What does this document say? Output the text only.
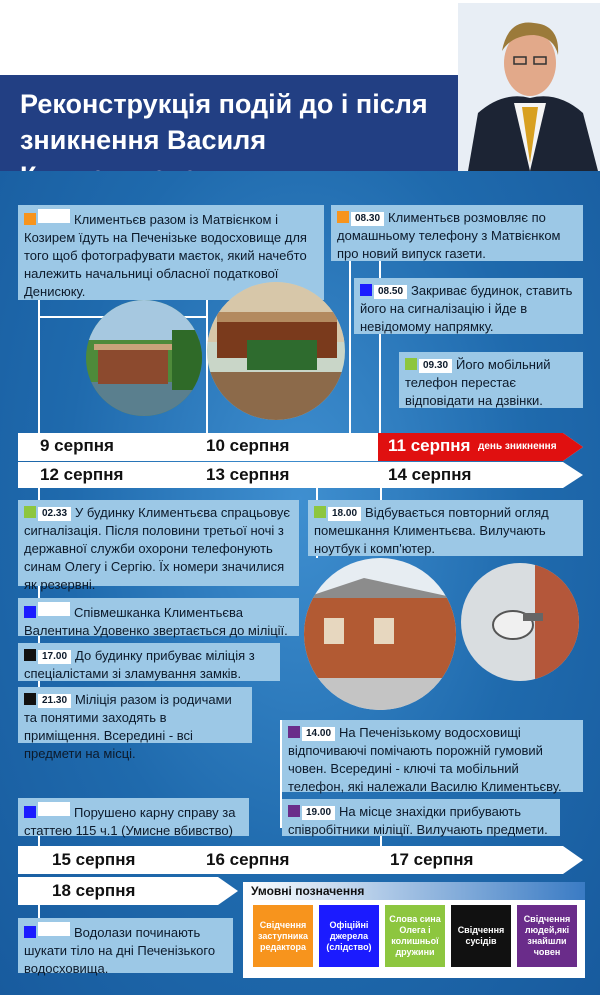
Реконструкція подій до і після зникнення Василя
Климентьєв разом із Матвієнком і Козирем їдуть на Печенізьке водосховище для того щоб фотографувати маєток, який начебто належить начальниці обласної податкової Денисюку.
08.30 Климентьєв розмовляє по домашньому телефону з Матвієнком про новий випуск газети.
08.50 Закриває будинок, ставить його на сигналізацію і йде в невідомому напрямку.
09.30 Його мобільний телефон перестає відповідати на дзвінки.
9 серпня	10 серпня	11 серпня день зникнення
12 серпня	13 серпня	14 серпня
02.33 У будинку Климентьєва спрацьовує сигналізація. Після половини третьої ночі з державної служби охорони телефонують синам Олегу і Сергію. Їх номери значилися як резервні.
Співмешканка Климентьєва Валентина Удовенко звертається до міліції.
17.00 До будинку прибуває міліція з спеціалістами зі зламування замків.
21.30 Міліція разом із родичами та понятими заходять в приміщення. Всередині - всі предмети на місці.
18.00 Відбувається повторний огляд помешкання Климентьєва. Вилучають ноутбук і комп'ютер.
14.00 На Печенізькому водосховищі відпочиваючі помічають порожній гумовий човен. Всередині - ключі та мобільний телефон, які належали Василю Климентьєву.
Порушено карну справу за статтею 115 ч.1 (Умисне вбивство)
19.00 На місце знахідки прибувають співробітники міліції. Вилучають предмети.
15 серпня	16 серпня	17 серпня
18 серпня
Водолази починають шукати тіло на дні Печенізького водосховища.
Умовні позначення
Свідчення заступника редактора
Офіційні джерела (слідство)
Слова сина Олега і колишньої дружини
Свідчення сусідів
Свідчення людей,які знайшли човен
